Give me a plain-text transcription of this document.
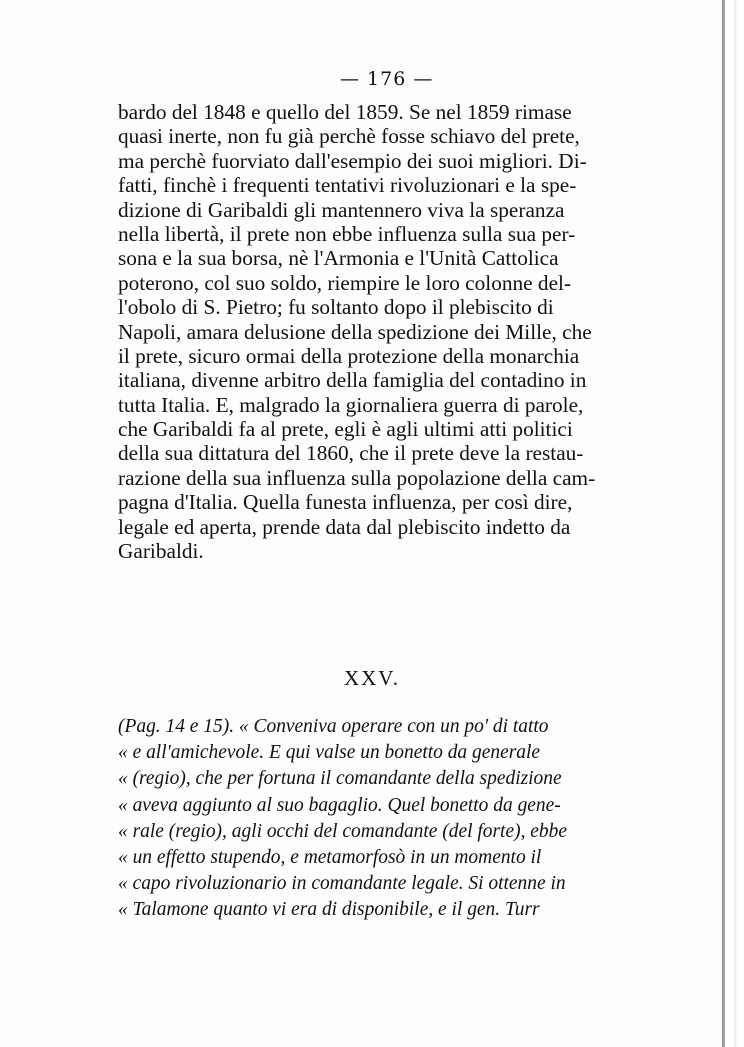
— 176 —
bardo del 1848 e quello del 1859. Se nel 1859 rimase
quasi inerte, non fu già perchè fosse schiavo del prete,
ma perchè fuorviato dall'esempio dei suoi migliori. Di-
fatti, finchè i frequenti tentativi rivoluzionari e la spe-
dizione di Garibaldi gli mantennero viva la speranza
nella libertà, il prete non ebbe influenza sulla sua per-
sona e la sua borsa, nè l'Armonia e l'Unità Cattolica
poterono, col suo soldo, riempire le loro colonne del-
l'obolo di S. Pietro; fu soltanto dopo il plebiscito di
Napoli, amara delusione della spedizione dei Mille, che
il prete, sicuro ormai della protezione della monarchia
italiana, divenne arbitro della famiglia del contadino in
tutta Italia. E, malgrado la giornaliera guerra di parole,
che Garibaldi fa al prete, egli è agli ultimi atti politici
della sua dittatura del 1860, che il prete deve la restau-
razione della sua influenza sulla popolazione della cam-
pagna d'Italia. Quella funesta influenza, per così dire,
legale ed aperta, prende data dal plebiscito indetto da
Garibaldi.
XXV.
(Pag. 14 e 15). « Conveniva operare con un po' di tatto
« e all'amichevole. E qui valse un bonetto da generale
« (regio), che per fortuna il comandante della spedizione
« aveva aggiunto al suo bagaglio. Quel bonetto da gene-
« rale (regio), agli occhi del comandante (del forte), ebbe
« un effetto stupendo, e metamorfosò in un momento il
« capo rivoluzionario in comandante legale. Si ottenne in
« Talamone quanto vi era di disponibile, e il gen. Turr
